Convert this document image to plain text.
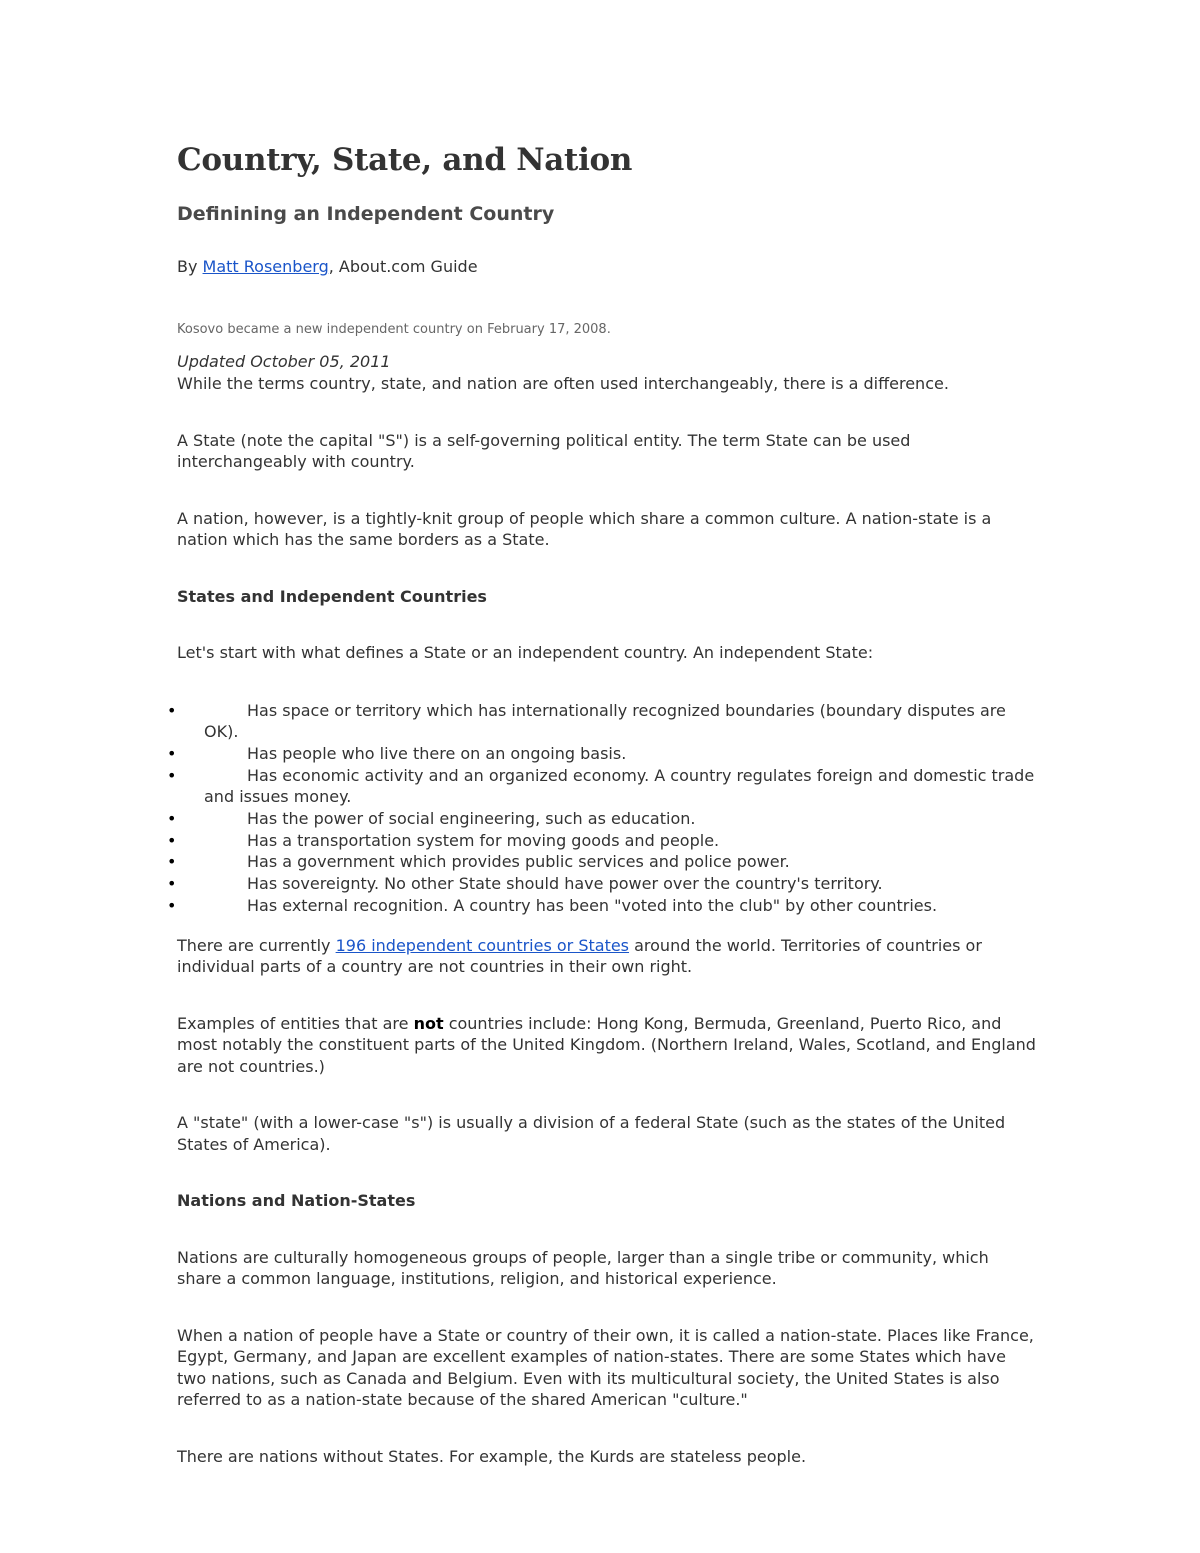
Country, State, and Nation
Definining an Independent Country
By Matt Rosenberg, About.com Guide
Kosovo became a new independent country on February 17, 2008.
Updated October 05, 2011

While the terms country, state, and nation are often used interchangeably, there is a difference.

A State (note the capital "S") is a self-governing political entity. The term State can be used interchangeably with country.

A nation, however, is a tightly-knit group of people which share a common culture. A nation-state is a nation which has the same borders as a State.

States and Independent Countries

Let's start with what defines a State or an independent country. An independent State:

•	Has space or territory which has internationally recognized boundaries (boundary disputes are OK).
•	Has people who live there on an ongoing basis.
•	Has economic activity and an organized economy. A country regulates foreign and domestic trade and issues money.
•	Has the power of social engineering, such as education.
•	Has a transportation system for moving goods and people.
•	Has a government which provides public services and police power.
•	Has sovereignty. No other State should have power over the country's territory.
•	Has external recognition. A country has been "voted into the club" by other countries.

There are currently 196 independent countries or States around the world. Territories of countries or individual parts of a country are not countries in their own right.

Examples of entities that are not countries include: Hong Kong, Bermuda, Greenland, Puerto Rico, and most notably the constituent parts of the United Kingdom. (Northern Ireland, Wales, Scotland, and England are not countries.)

A "state" (with a lower-case "s") is usually a division of a federal State (such as the states of the United States of America).

Nations and Nation-States

Nations are culturally homogeneous groups of people, larger than a single tribe or community, which share a common language, institutions, religion, and historical experience.

When a nation of people have a State or country of their own, it is called a nation-state. Places like France, Egypt, Germany, and Japan are excellent examples of nation-states. There are some States which have two nations, such as Canada and Belgium. Even with its multicultural society, the United States is also referred to as a nation-state because of the shared American "culture."

There are nations without States. For example, the Kurds are stateless people.
